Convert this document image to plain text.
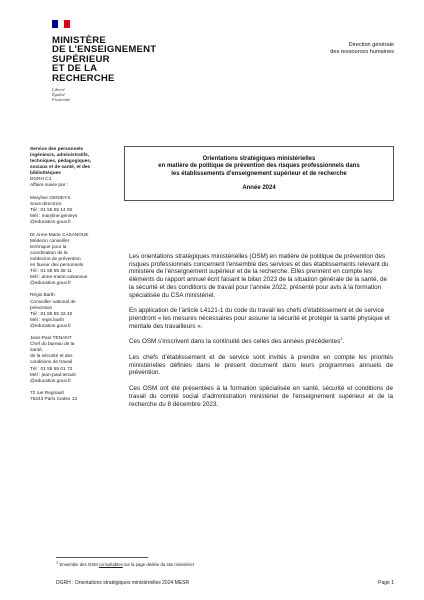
MINISTÈRE
DE L'ENSEIGNEMENT
SUPÉRIEUR
ET DE LA RECHERCHE
Liberté
Égalité
Fraternité
Direction générale
des ressources humaines
Service des personnels
ingénieurs, administratifs,
techniques, pédagogiques,
sociaux et de santé, et des
bibliothèques
DGRH C1
Affaire suivie par :
Maryline GENIEYS
Sous-directrice
Tél : 01 55 55 14 50
Mél : maryline.genieys
@education.gouv.fr
Dr Anne-Marie CASANOUE
Médecin conseiller
technique pour la
coordination de la
médecine de prévention
en faveur des personnels
Tél : 01 55 55 38 11
Mél : anne-marie.casanoue
@education.gouv.fr
Régis Barth
Conseiller national de
prévention
Tél : 01 55 55 32 40
Mél : regis.barth
@education.gouv.fr
Jean-Paul TENANT
Chef du bureau de la
santé,
de la sécurité et des
conditions de travail
Tél : 01 55 55 01 72
Mél : jean-paul.tenant
@education.gouv.fr
72 rue Regnault
75243 Paris Cedex 13
Orientations stratégiques ministérielles
en matière de politique de prévention des risques professionnels dans
les établissements d'enseignement supérieur et de recherche
Année 2024

Les orientations stratégiques ministérielles (OSM) en matière de politique de prévention des risques professionnels concernent l'ensemble des services et des établissements relevant du ministère de l'enseignement supérieur et de la recherche. Elles prennent en compte les éléments du rapport annuel écrit faisant le bilan 2023 de la situation générale de la santé, de la sécurité et des conditions de travail pour l'année 2022, présenté pour avis à la formation spécialisée du CSA ministériel.

En application de l'article L4121-1 du code du travail les chefs d'établissement et de service prendront « les mesures nécessaires pour assurer la sécurité et protéger la santé physique et mentale des travailleurs ».

Ces OSM s'inscrivent dans la continuité des celles des années précédentes$^1$.

Les chefs d'établissement et de service sont invités à prendre en compte les priorités ministérielles définies dans le présent document dans leurs programmes annuels de prévention.

Ces OSM ont été présentées à la formation spécialisée en santé, sécurité et conditions de travail du comité social d'administration ministériel de l'enseignement supérieur et de la recherche du 8 décembre 2023.

$^1$ Ensemble des OSM consultables sur la page dédiée du site ministériel
DGRH : Orientations stratégiques ministérielles 2024 MESR	Page 1
